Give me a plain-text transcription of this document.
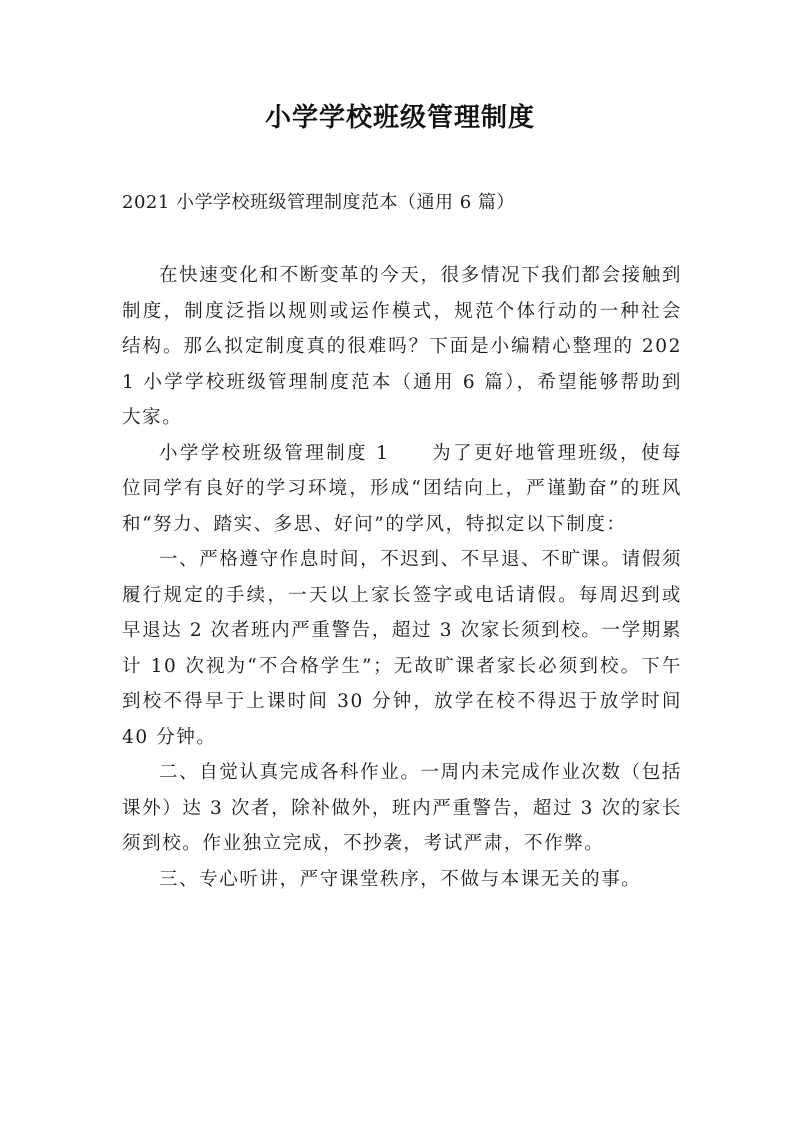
小学学校班级管理制度
2021 小学学校班级管理制度范本（通用 6 篇）

在快速变化和不断变革的今天，很多情况下我们都会接触到制度，制度泛指以规则或运作模式，规范个体行动的一种社会结构。那么拟定制度真的很难吗？下面是小编精心整理的 2021 小学学校班级管理制度范本（通用 6 篇），希望能够帮助到大家。

小学学校班级管理制度 1　　为了更好地管理班级，使每位同学有良好的学习环境，形成“团结向上，严谨勤奋”的班风和“努力、踏实、多思、好问”的学风，特拟定以下制度：

一、严格遵守作息时间，不迟到、不早退、不旷课。请假须履行规定的手续，一天以上家长签字或电话请假。每周迟到或早退达 2 次者班内严重警告，超过 3 次家长须到校。一学期累计 10 次视为“不合格学生”；无故旷课者家长必须到校。下午到校不得早于上课时间 30 分钟，放学在校不得迟于放学时间 40 分钟。

二、自觉认真完成各科作业。一周内未完成作业次数（包括课外）达 3 次者，除补做外，班内严重警告，超过 3 次的家长须到校。作业独立完成，不抄袭，考试严肃，不作弊。

三、专心听讲，严守课堂秩序，不做与本课无关的事。
